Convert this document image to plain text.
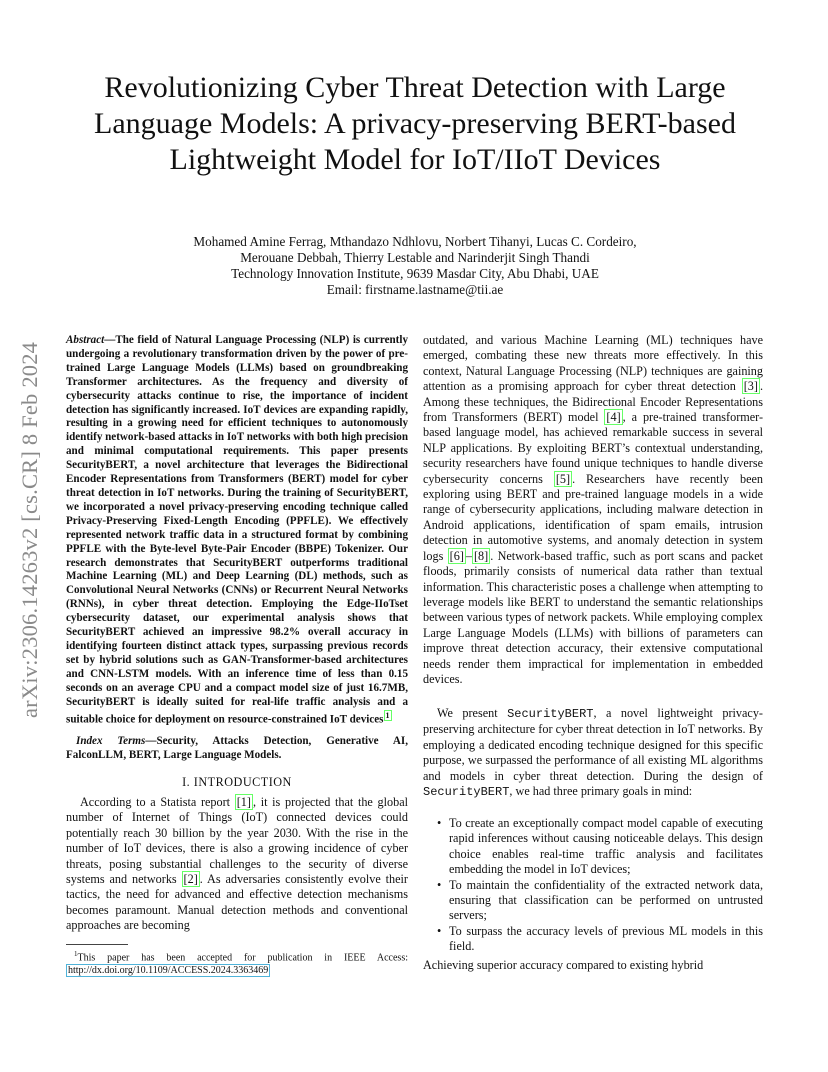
arXiv:2306.14263v2 [cs.CR] 8 Feb 2024
Revolutionizing Cyber Threat Detection with Large Language Models: A privacy-preserving BERT-based Lightweight Model for IoT/IIoT Devices
Mohamed Amine Ferrag, Mthandazo Ndhlovu, Norbert Tihanyi, Lucas C. Cordeiro,
Merouane Debbah, Thierry Lestable and Narinderjit Singh Thandi
Technology Innovation Institute, 9639 Masdar City, Abu Dhabi, UAE
Email: firstname.lastname@tii.ae
Abstract—The field of Natural Language Processing (NLP) is currently undergoing a revolutionary transformation driven by the power of pre-trained Large Language Models (LLMs) based on groundbreaking Transformer architectures. As the frequency and diversity of cybersecurity attacks continue to rise, the importance of incident detection has significantly increased. IoT devices are expanding rapidly, resulting in a growing need for efficient techniques to autonomously identify network-based attacks in IoT networks with both high precision and minimal computational requirements. This paper presents SecurityBERT, a novel architecture that leverages the Bidirectional Encoder Representations from Transformers (BERT) model for cyber threat detection in IoT networks. During the training of SecurityBERT, we incorporated a novel privacy-preserving encoding technique called Privacy-Preserving Fixed-Length Encoding (PPFLE). We effectively represented network traffic data in a structured format by combining PPFLE with the Byte-level Byte-Pair Encoder (BBPE) Tokenizer. Our research demonstrates that SecurityBERT outperforms traditional Machine Learning (ML) and Deep Learning (DL) methods, such as Convolutional Neural Networks (CNNs) or Recurrent Neural Networks (RNNs), in cyber threat detection. Employing the Edge-IIoTset cybersecurity dataset, our experimental analysis shows that SecurityBERT achieved an impressive 98.2% overall accuracy in identifying fourteen distinct attack types, surpassing previous records set by hybrid solutions such as GAN-Transformer-based architectures and CNN-LSTM models. With an inference time of less than 0.15 seconds on an average CPU and a compact model size of just 16.7MB, SecurityBERT is ideally suited for real-life traffic analysis and a suitable choice for deployment on resource-constrained IoT devices $^1$
Index Terms—Security, Attacks Detection, Generative AI, FalconLLM, BERT, Large Language Models.
I. INTRODUCTION
According to a Statista report [1] , it is projected that the global number of Internet of Things (IoT) connected devices could potentially reach 30 billion by the year 2030. With the rise in the number of IoT devices, there is also a growing incidence of cyber threats, posing substantial challenges to the security of diverse systems and networks [2] . As adversaries consistently evolve their tactics, the need for advanced and effective detection mechanisms becomes paramount. Manual detection methods and conventional approaches are becoming
$^1$This paper has been accepted for publication in IEEE Access: http://dx.doi.org/10.1109/ACCESS.2024.3363469
outdated, and various Machine Learning (ML) techniques have emerged, combating these new threats more effectively. In this context, Natural Language Processing (NLP) techniques are gaining attention as a promising approach for cyber threat detection [3] . Among these techniques, the Bidirectional Encoder Representations from Transformers (BERT) model [4] , a pre-trained transformer-based language model, has achieved remarkable success in several NLP applications. By exploiting BERT’s contextual understanding, security researchers have found unique techniques to handle diverse cybersecurity concerns [5] . Researchers have recently been exploring using BERT and pre-trained language models in a wide range of cybersecurity applications, including malware detection in Android applications, identification of spam emails, intrusion detection in automotive systems, and anomaly detection in system logs [6] – [8] . Network-based traffic, such as port scans and packet floods, primarily consists of numerical data rather than textual information. This characteristic poses a challenge when attempting to leverage models like BERT to understand the semantic relationships between various types of network packets. While employing complex Large Language Models (LLMs) with billions of parameters can improve threat detection accuracy, their extensive computational needs render them impractical for implementation in embedded devices.
We present SecurityBERT, a novel lightweight privacy-preserving architecture for cyber threat detection in IoT networks. By employing a dedicated encoding technique designed for this specific purpose, we surpassed the performance of all existing ML algorithms and models in cyber threat detection. During the design of SecurityBERT, we had three primary goals in mind:
• To create an exceptionally compact model capable of executing rapid inferences without causing noticeable delays. This design choice enables real-time traffic analysis and facilitates embedding the model in IoT devices;
• To maintain the confidentiality of the extracted network data, ensuring that classification can be performed on untrusted servers;
• To surpass the accuracy levels of previous ML models in this field.
Achieving superior accuracy compared to existing hybrid
